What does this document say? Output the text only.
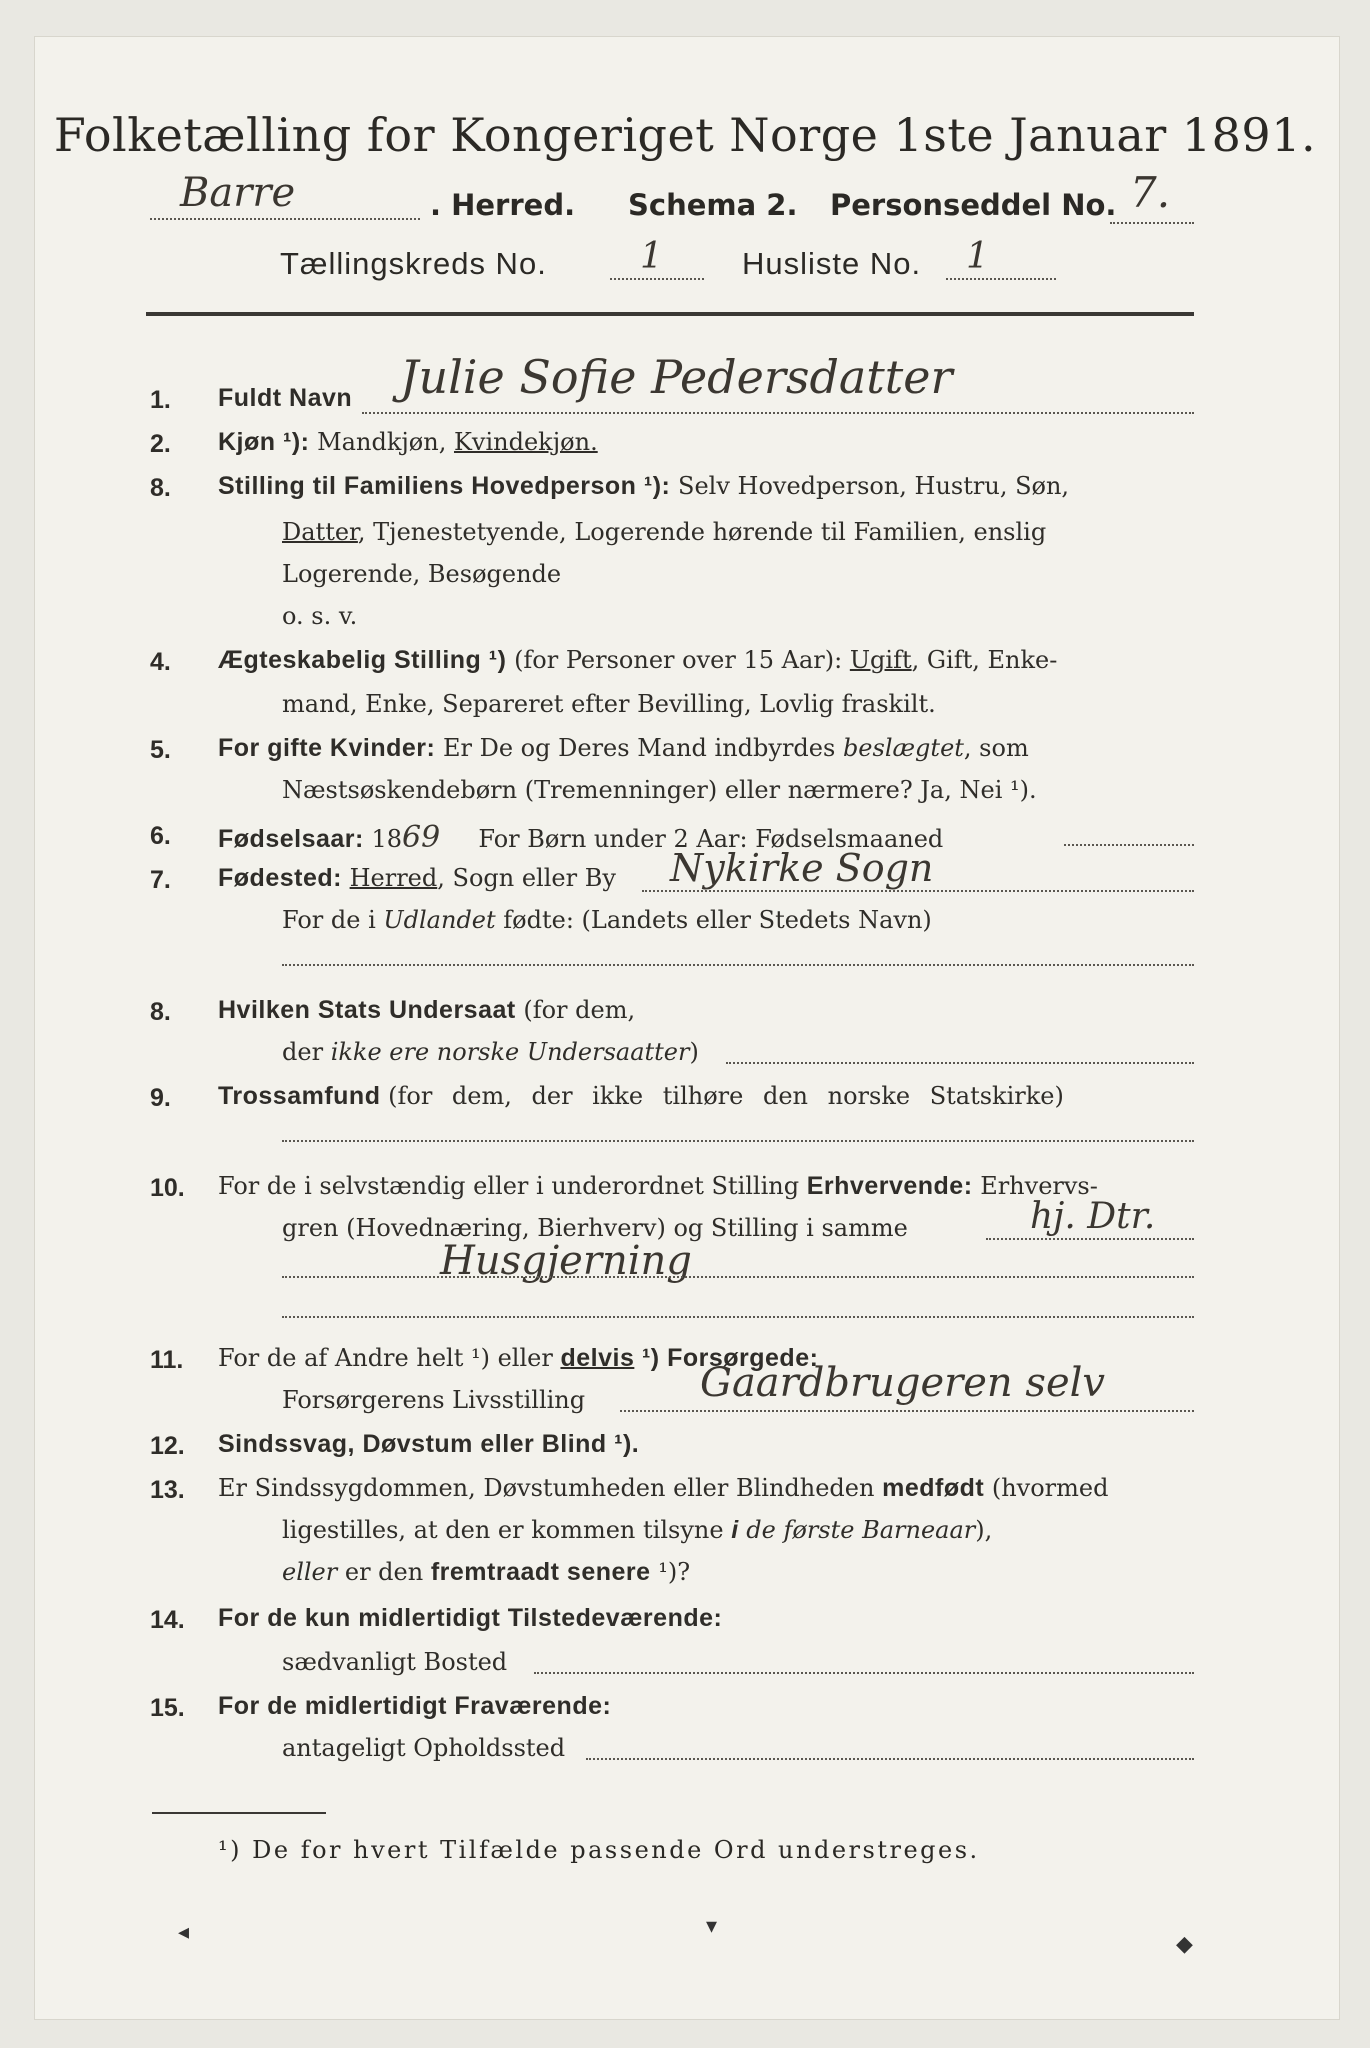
Folketælling for Kongeriget Norge 1ste Januar 1891.
Barre	. Herred. Schema 2. Personseddel No. 7.
Tællingskreds No.	1	Husliste No. 1
1.	Fuldt Navn Julie Sofie Pedersdatter
2.	Kjøn ¹): Mandkjøn, Kvindekjøn.
8.	Stilling til Familiens Hovedperson ¹): Selv Hovedperson, Hustru, Søn,
Datter, Tjenestetyende, Logerende hørende til Familien, enslig
Logerende, Besøgende
o. s. v.
4.	Ægteskabelig Stilling ¹) (for Personer over 15 Aar): Ugift, Gift, Enke-
mand, Enke, Separeret efter Bevilling, Lovlig fraskilt.
5.	For gifte Kvinder: Er De og Deres Mand indbyrdes beslægtet, som
Næstsøskendebørn (Tremenninger) eller nærmere? Ja, Nei ¹).
6.	Fødselsaar: 1869 For Børn under 2 Aar: Fødselsmaaned
7.	Fødested: Herred, Sogn eller By Nykirke Sogn
For de i Udlandet fødte: (Landets eller Stedets Navn)
8.	Hvilken Stats Undersaat (for dem,
der ikke ere norske Undersaatter)
9.	Trossamfund (for dem, der ikke tilhøre den norske Statskirke)
10.	For de i selvstændig eller i underordnet Stilling Erhvervende: Erhvervs-
gren (Hovednæring, Bierhverv) og Stilling i samme	hj. Dtr.
Husgjerning
11.	For de af Andre helt ¹) eller delvis ¹) Forsørgede:
Forsørgerens Livsstilling	Gaardbrugeren selv
12.	Sindssvag, Døvstum eller Blind ¹).
13.	Er Sindssygdommen, Døvstumheden eller Blindheden medfødt (hvormed
ligestilles, at den er kommen tilsyne i de første Barneaar),
eller er den fremtraadt senere ¹)?
14.	For de kun midlertidigt Tilstedeværende:
sædvanligt Bosted
15.	For de midlertidigt Fraværende:
antageligt Opholdssted
¹) De for hvert Tilfælde passende Ord understreges.
◂	▾
◆
